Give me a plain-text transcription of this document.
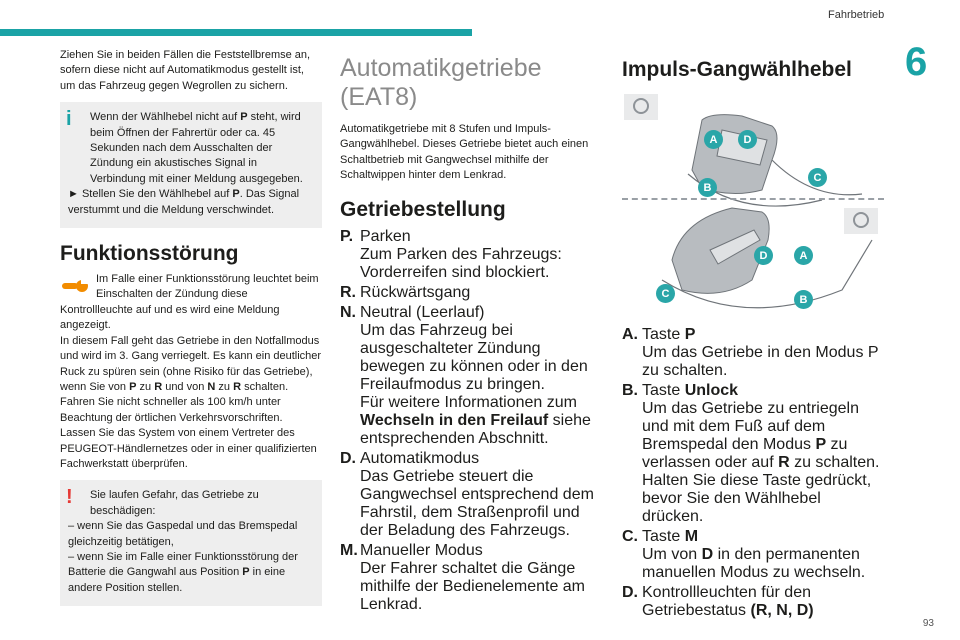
Fahrbetrieb
6
93

Ziehen Sie in beiden Fällen die Feststellbremse an, sofern diese nicht auf Automatikmodus gestellt ist, um das Fahrzeug gegen Wegrollen zu sichern.

i	Wenn der Wählhebel nicht auf P steht, wird beim Öffnen der Fahrertür oder ca. 45 Sekunden nach dem Ausschalten der Zündung ein akustisches Signal in Verbindung mit einer Meldung ausgegeben.

► Stellen Sie den Wählhebel auf P. Das Signal verstummt und die Meldung verschwindet.

Funktionsstörung

Im Falle einer Funktionsstörung leuchtet beim Einschalten der Zündung diese Kontrollleuchte auf und es wird eine Meldung angezeigt.

In diesem Fall geht das Getriebe in den Notfallmodus und wird im 3. Gang verriegelt. Es kann ein deutlicher Ruck zu spüren sein (ohne Risiko für das Getriebe), wenn Sie von P zu R und von N zu R schalten.

Fahren Sie nicht schneller als 100 km/h unter Beachtung der örtlichen Verkehrsvorschriften.

Lassen Sie das System von einem Vertreter des PEUGEOT-Händlernetzes oder in einer qualifizierten Fachwerkstatt überprüfen.

!	Sie laufen Gefahr, das Getriebe zu beschädigen:

– wenn Sie das Gaspedal und das Bremspedal gleichzeitig betätigen,

– wenn Sie im Falle einer Funktionsstörung der Batterie die Gangwahl aus Position P in eine andere Position stellen.

Automatikgetriebe (EAT8)

Automatikgetriebe mit 8 Stufen und Impuls-Gangwählhebel. Dieses Getriebe bietet auch einen Schaltbetrieb mit Gangwechsel mithilfe der Schaltwippen hinter dem Lenkrad.

Getriebestellung
P. Parken
Zum Parken des Fahrzeugs: Vorderreifen sind blockiert.
R. Rückwärtsgang
N. Neutral (Leerlauf)
Um das Fahrzeug bei ausgeschalteter Zündung bewegen zu können oder in den Freilaufmodus zu bringen.
Für weitere Informationen zum Wechseln in den Freilauf siehe entsprechenden Abschnitt.
D. Automatikmodus
Das Getriebe steuert die Gangwechsel entsprechend dem Fahrstil, dem Straßenprofil und der Beladung des Fahrzeugs.
M. Manueller Modus
Der Fahrer schaltet die Gänge mithilfe der Bedienelemente am Lenkrad.
Impuls-Gangwählhebel
A	D
C
B
D	A
C	B
A. Taste P
Um das Getriebe in den Modus P zu schalten.
B. Taste Unlock
Um das Getriebe zu entriegeln und mit dem Fuß auf dem Bremspedal den Modus P zu verlassen oder auf R zu schalten.
Halten Sie diese Taste gedrückt, bevor Sie den Wählhebel drücken.
C. Taste M
Um von D in den permanenten manuellen Modus zu wechseln.
D. Kontrollleuchten für den Getriebestatus (R, N, D)
